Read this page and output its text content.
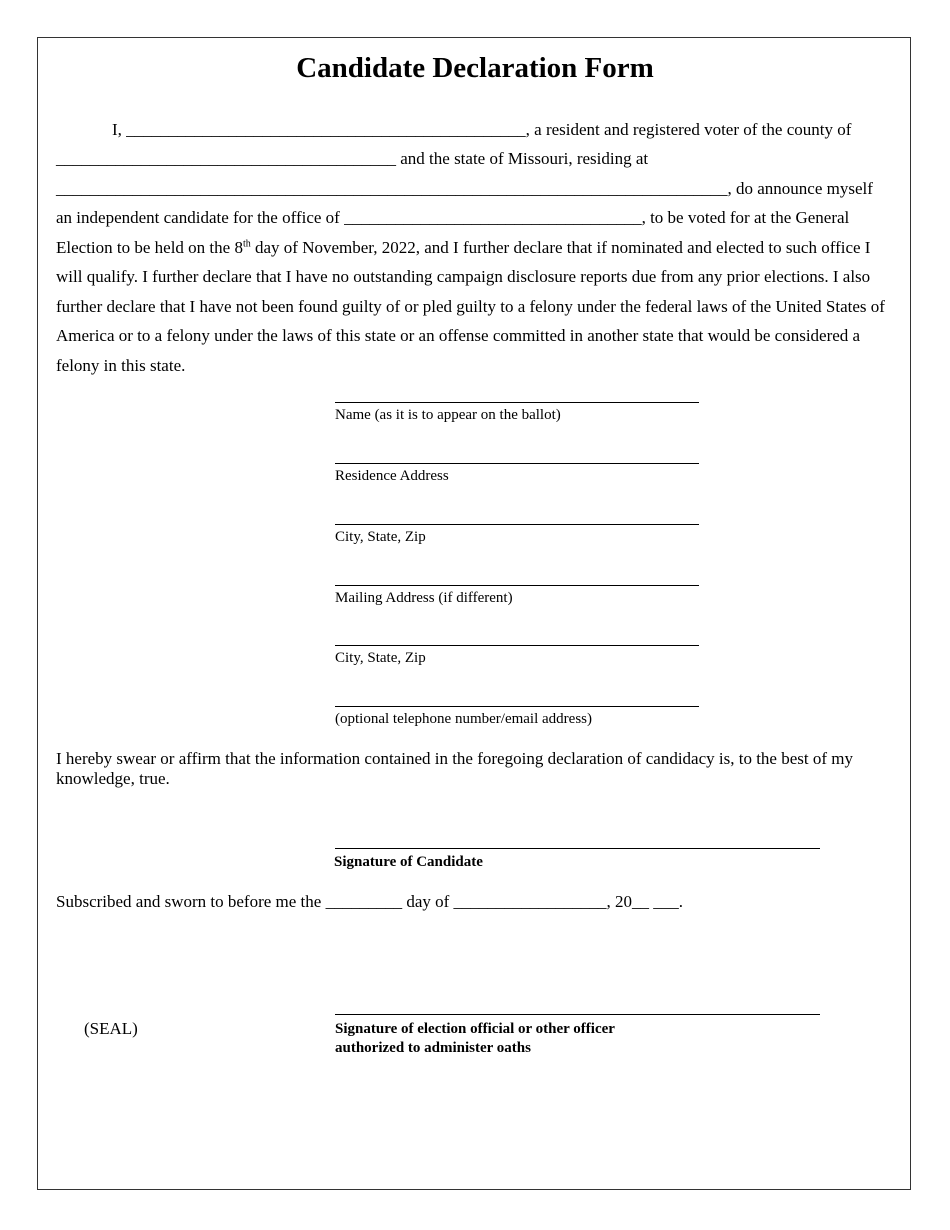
Candidate Declaration Form
I, _______________________________________________, a resident and registered voter of the county of
________________________________________ and the state of Missouri, residing at
_______________________________________________________________________________, do announce myself
an independent candidate for the office of ___________________________________, to be voted for at the General
Election to be held on the 8th day of November, 2022, and I further declare that if nominated and elected to such office I
will qualify. I further declare that I have no outstanding campaign disclosure reports due from any prior elections. I also
further declare that I have not been found guilty of or pled guilty to a felony under the federal laws of the United States of
America or to a felony under the laws of this state or an offense committed in another state that would be considered a
felony in this state.
Name (as it is to appear on the ballot)
Residence Address
City, State, Zip
Mailing Address (if different)
City, State, Zip
(optional telephone number/email address)
I hereby swear or affirm that the information contained in the foregoing declaration of candidacy is, to the best of my
knowledge, true.
Signature of Candidate
Subscribed and sworn to before me the _________ day of __________________, 20__ ___.
(SEAL)	Signature of election official or other officer
authorized to administer oaths
